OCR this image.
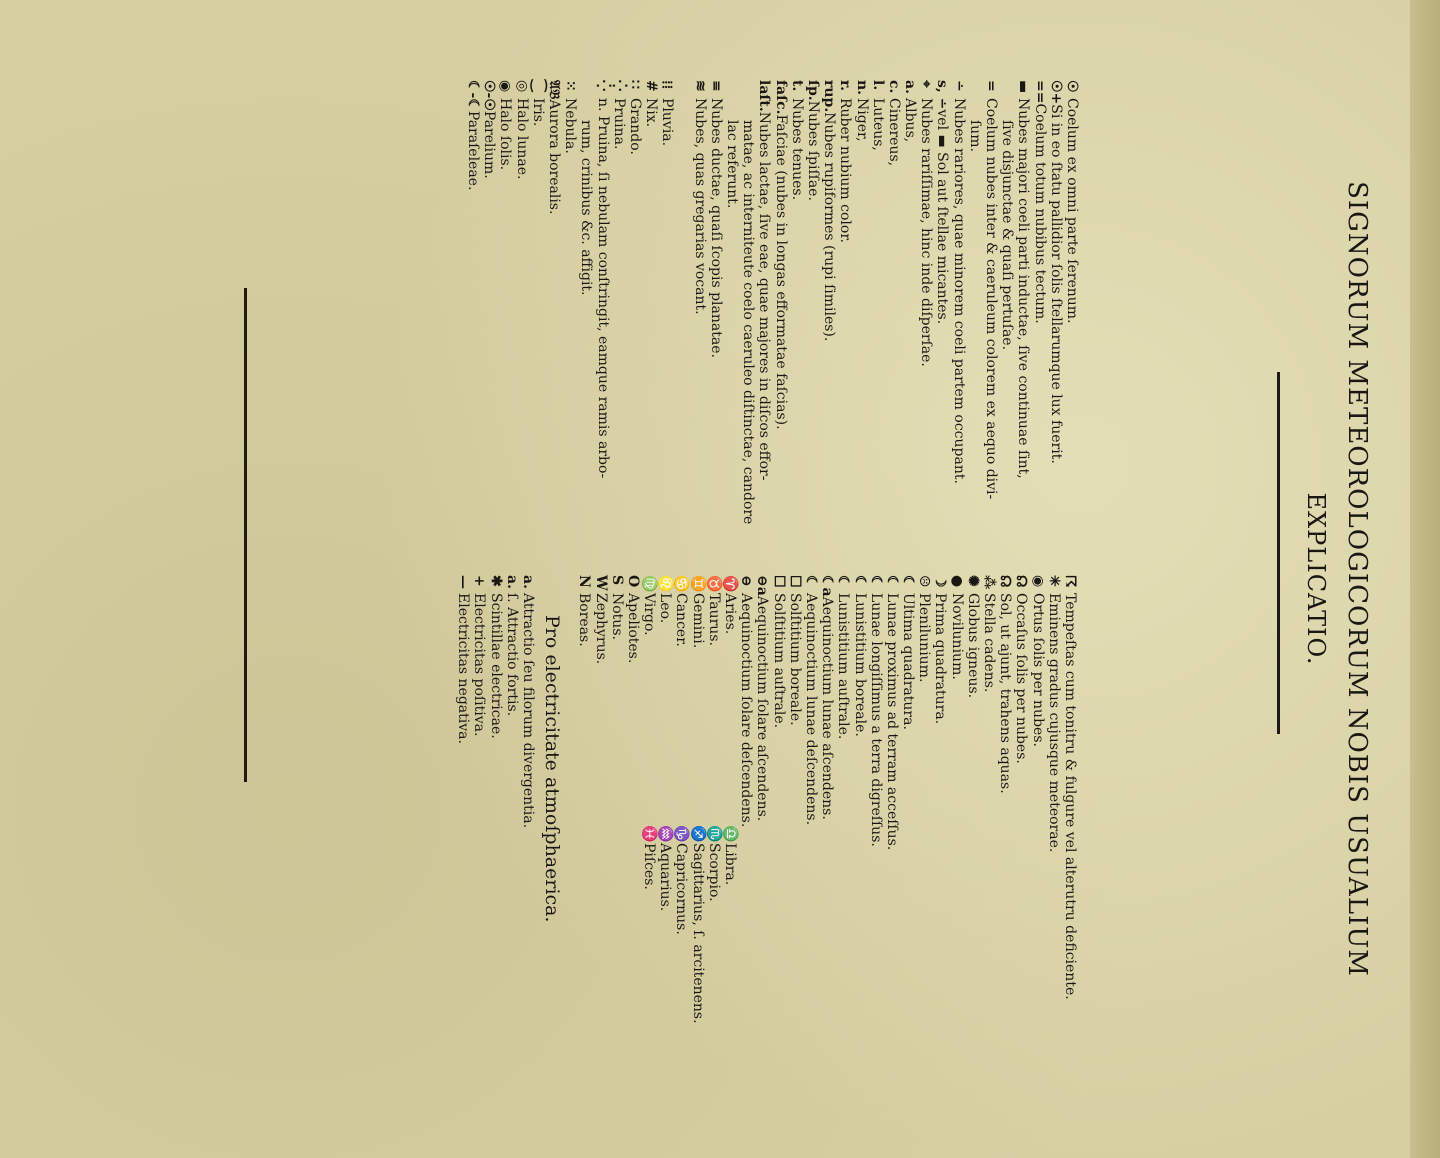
SIGNORUM METEOROLOGICORUM NOBIS USUALIUM
EXPLICATIO.
☉Coelum ex omni parte ſerenum.
☉+Si in eo ſtatu pallidior ſolis ſtellarumque lux fuerit.
==Coelum totum nubibus tectum.
▬Nubes majori coeli parti inductae, ſive continuae ſint,
ſive disjunctae & quaſi pertuſae.
=Coelum nubes inter & caeruleum colorem ex aequo divi-
ſum.
∸Nubes rariores, quae minorem coeli partem occupant.
s, ∸vel ▬ Sol aut ſtellae micantes.
⌖Nubes rariſſimae, hinc inde diſperſae.
a.Albus,
c.Cinereus,
l.Luteus,
n.Niger,
r.Ruber nubium color.
rup.Nubes rupiformes (rupi ſimiles).
ſp.Nubes ſpiſſae.
t.Nubes tenues.
faſc.Faſciae (nubes in longas efformatae faſcias).
laſt.Nubes lactae, ſive eae, quae majores in diſcos effor-
matae, ac interniteute coelo caeruleo diſtinctae, candore
lac referunt.
≡Nubes ductae, quaſi ſcopis planatae.
≋Nubes, quas gregarias vocant.
⁞⁞Pluvia.
#Nix.
∷Grando.
⁛Pruina.
⁛n. Pruina, ſi nebulam conſtringit, eamque ramis arbo-
rum, crinibus &c. affigit.
⁙Nebula.
𝔄𝔅Aurora borealis.
⁐Iris.
◎Halo lunae.
◉Halo ſolis.
☉-☉Parelium.
☾-☾Paraſeleae.
☈Tempeſtas cum tonitru & fulgure vel alterutru deficiente.
✳Eminens gradus cujusque meteorae.
◉Ortus ſolis per nubes.
☊Occaſus ſolis per nubes.
☊Sol, ut ajunt, trahens aquas.
⁂Stella cadens.
✺Globus igneus.
●Novilunium.
☽Prima quadratura.
☹Plenilunium.
☾Ultima quadratura.
☾Lunae proximus ad terram acceſſus.
☾Lunae longiſſimus a terra digreſſus.
☾Lunistitium boreale.
☾Lunistitium auſtrale.
☾aAequinoctium lunae aſcendens.
☾Aequinoctium lunae deſcendens.
☐Solſtitium boreale.
☐Solſtitium auſtrale.
⊖aAequinoctium ſolare aſcendens.
⊖Aequinoctium ſolare deſcendens.
♈Aries.
♎Libra.
♉Taurus.
♏Scorpio.
♊Gemini.
♐Sagittarius, ſ. arcitenens.
♋Cancer.
♑Capricornus.
♌Leo.
♒Aquarius.
♍Virgo.
♓Piſces.
OApeliotes.
SNotus.
WZephyrus.
NBoreas.
Pro electricitate atmoſphaerica.
a.Attractio ſeu filorum divergentia.
a.ſ. Attractio fortis.
✱Scintillae electricae.
+Electricitas poſitiva.
—Electricitas negativa.
